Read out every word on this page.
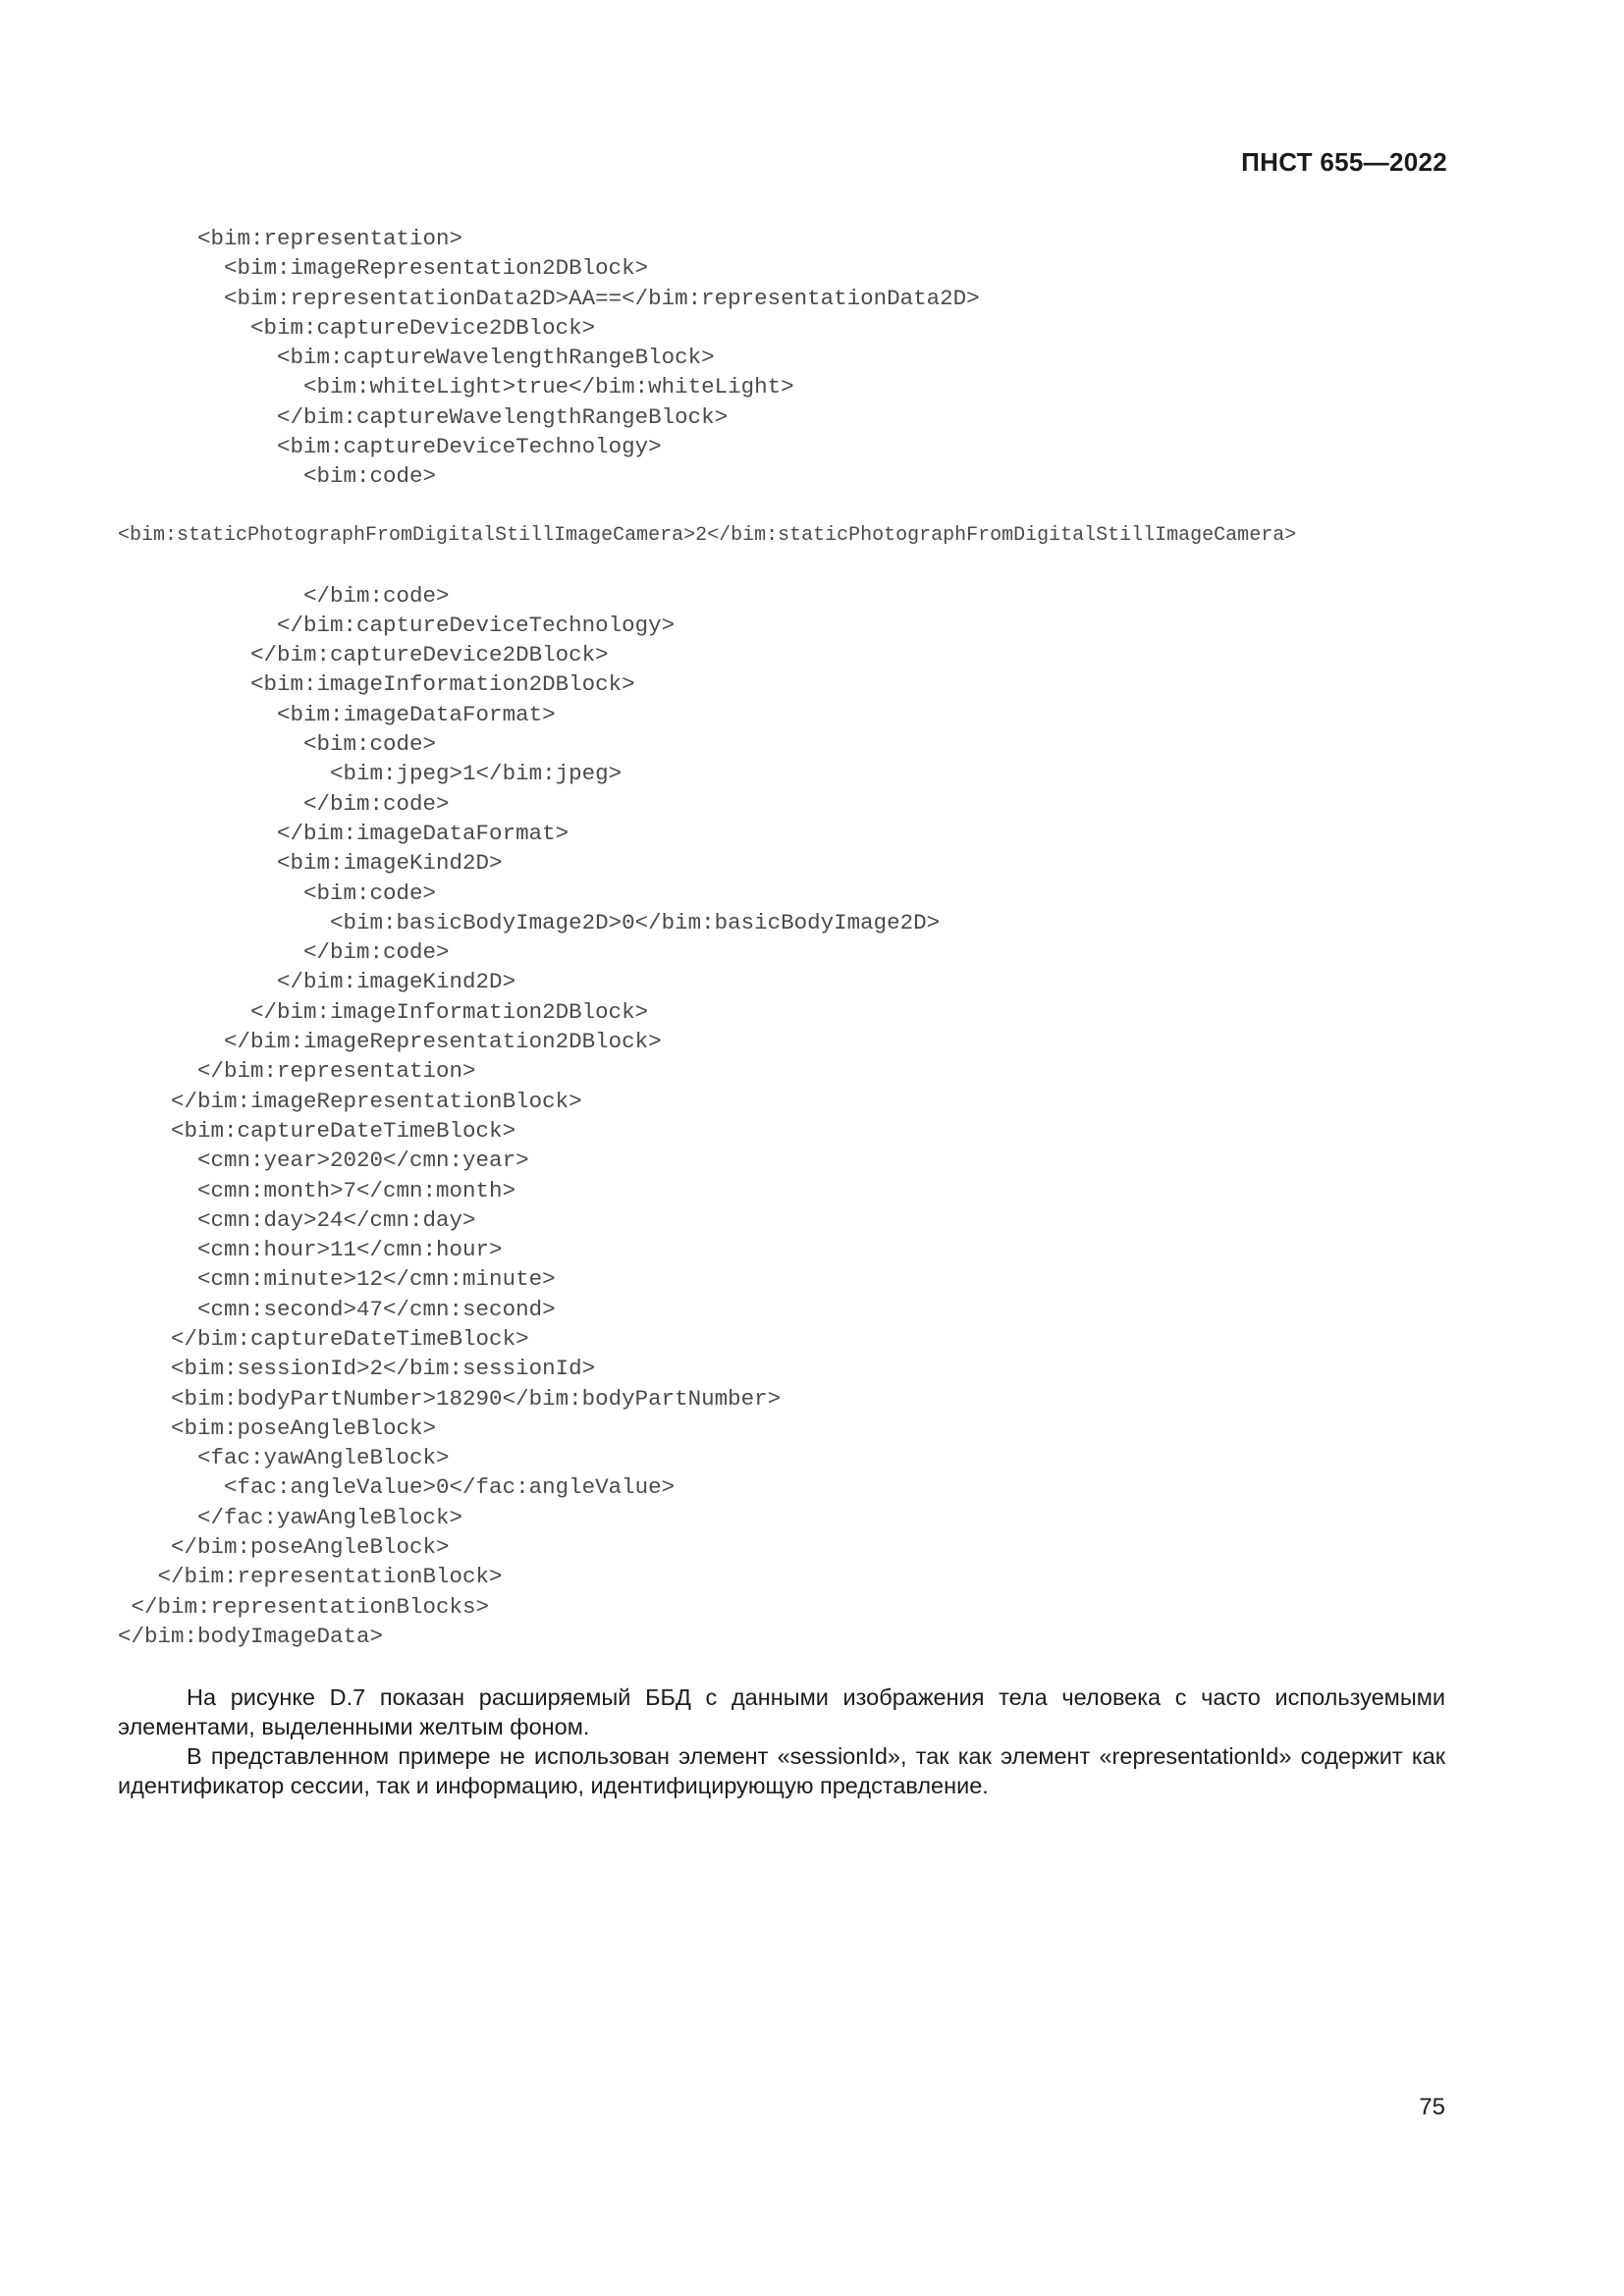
ПНСТ 655—2022
<bim:representation>
<bim:imageRepresentation2DBlock>
<bim:representationData2D>AA==</bim:representationData2D>
<bim:captureDevice2DBlock>
<bim:captureWavelengthRangeBlock>
<bim:whiteLight>true</bim:whiteLight>
</bim:captureWavelengthRangeBlock>
<bim:captureDeviceTechnology>
<bim:code>
<bim:staticPhotographFromDigitalStillImageCamera>2</bim:staticPhotographFromDigitalStillImageCamera>
</bim:code>
</bim:captureDeviceTechnology>
</bim:captureDevice2DBlock>
<bim:imageInformation2DBlock>
<bim:imageDataFormat>
<bim:code>
<bim:jpeg>1</bim:jpeg>
</bim:code>
</bim:imageDataFormat>
<bim:imageKind2D>
<bim:code>
<bim:basicBodyImage2D>0</bim:basicBodyImage2D>
</bim:code>
</bim:imageKind2D>
</bim:imageInformation2DBlock>
</bim:imageRepresentation2DBlock>
</bim:representation>
</bim:imageRepresentationBlock>
<bim:captureDateTimeBlock>
<cmn:year>2020</cmn:year>
<cmn:month>7</cmn:month>
<cmn:day>24</cmn:day>
<cmn:hour>11</cmn:hour>
<cmn:minute>12</cmn:minute>
<cmn:second>47</cmn:second>
</bim:captureDateTimeBlock>
<bim:sessionId>2</bim:sessionId>
<bim:bodyPartNumber>18290</bim:bodyPartNumber>
<bim:poseAngleBlock>
<fac:yawAngleBlock>
<fac:angleValue>0</fac:angleValue>
</fac:yawAngleBlock>
</bim:poseAngleBlock>
</bim:representationBlock>
</bim:representationBlocks>
</bim:bodyImageData>

На рисунке D.7 показан расширяемый ББД с данными изображения тела человека с часто используемыми элементами, выделенными желтым фоном.

В представленном примере не использован элемент «sessionId», так как элемент «representationId» содержит как идентификатор сессии, так и информацию, идентифицирующую представление.

75
